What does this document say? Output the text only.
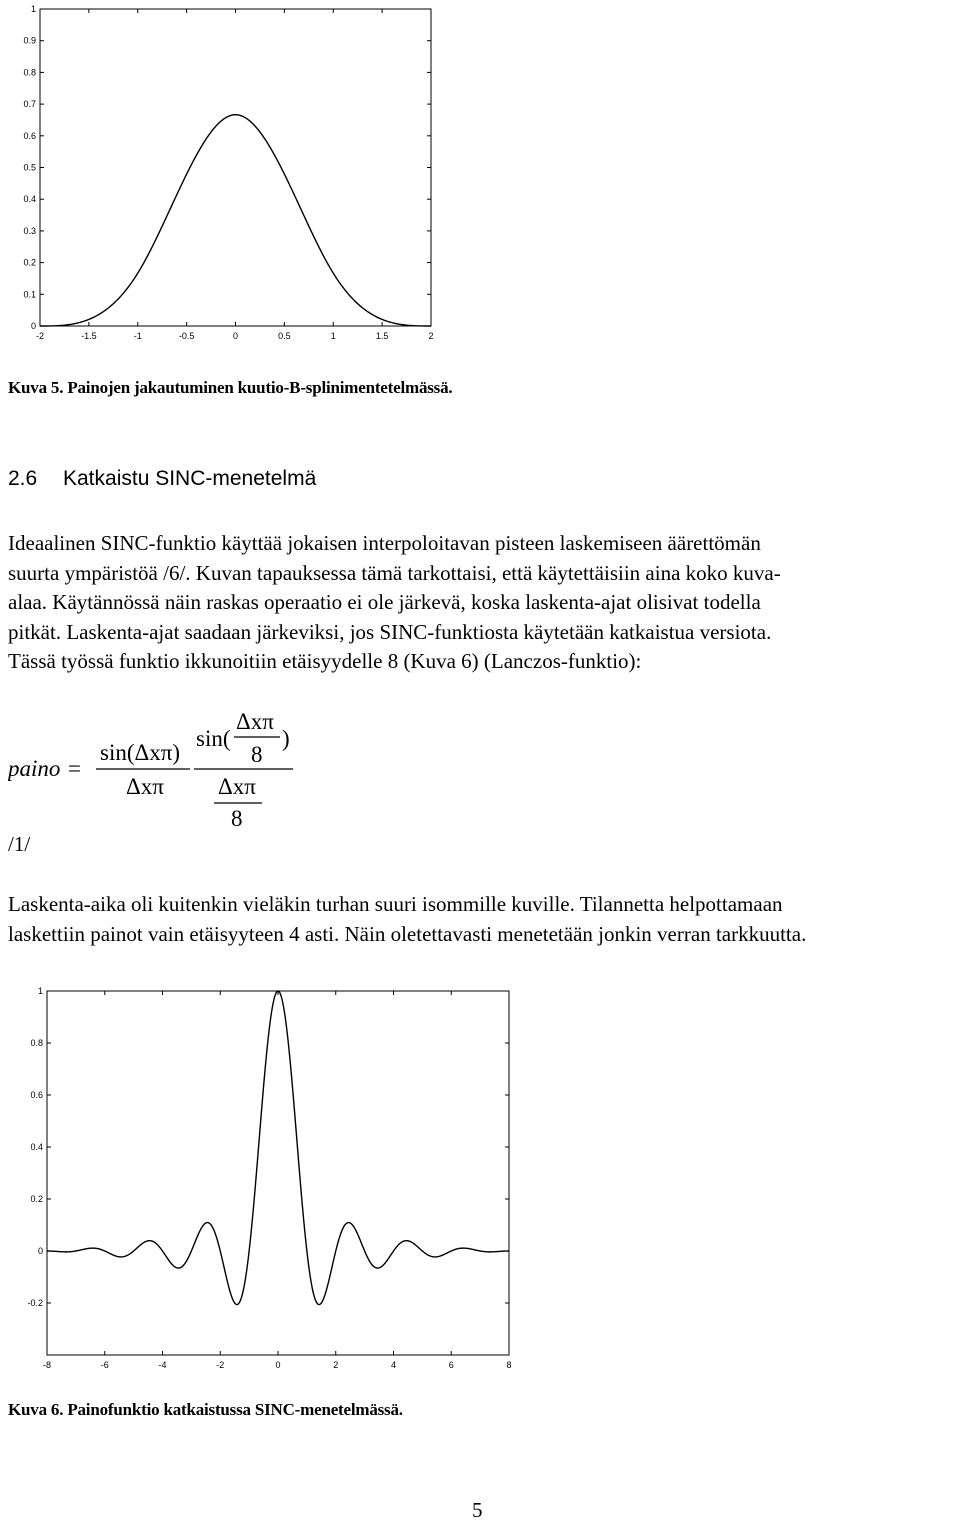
-2	-1.5	-1	-0.5	0	0.5	1	1.5	2
0
0.1
0.2
0.3
0.4
0.5
0.6
0.7
0.8
0.9
1
Kuva 5. Painojen jakautuminen kuutio-B-splinimentetelmässä.
2.6 Katkaistu SINC-menetelmä

Ideaalinen SINC-funktio käyttää jokaisen interpoloitavan pisteen laskemiseen äärettömän

suurta ympäristöä /6/. Kuvan tapauksessa tämä tarkottaisi, että käytettäisiin aina koko kuva-

alaa. Käytännössä näin raskas operaatio ei ole järkevä, koska laskenta-ajat olisivat todella

pitkät. Laskenta-ajat saadaan järkeviksi, jos SINC-funktiosta käytetään katkaistua versiota.

Tässä työssä funktio ikkunoitiin etäisyydelle 8 (Kuva 6) (Lanczos-funktio):

paino =
sin(Δxπ)
Δxπ
sin(
Δxπ
8
)
Δxπ
8
/1/

Laskenta-aika oli kuitenkin vieläkin turhan suuri isommille kuville. Tilannetta helpottamaan

laskettiin painot vain etäisyyteen 4 asti. Näin oletettavasti menetetään jonkin verran tarkkuutta.

-8	-6	-4	-2	0	2	4	6	8
-0.2
0
0.2
0.4
0.6
0.8
1
Kuva 6. Painofunktio katkaistussa SINC-menetelmässä.
5
